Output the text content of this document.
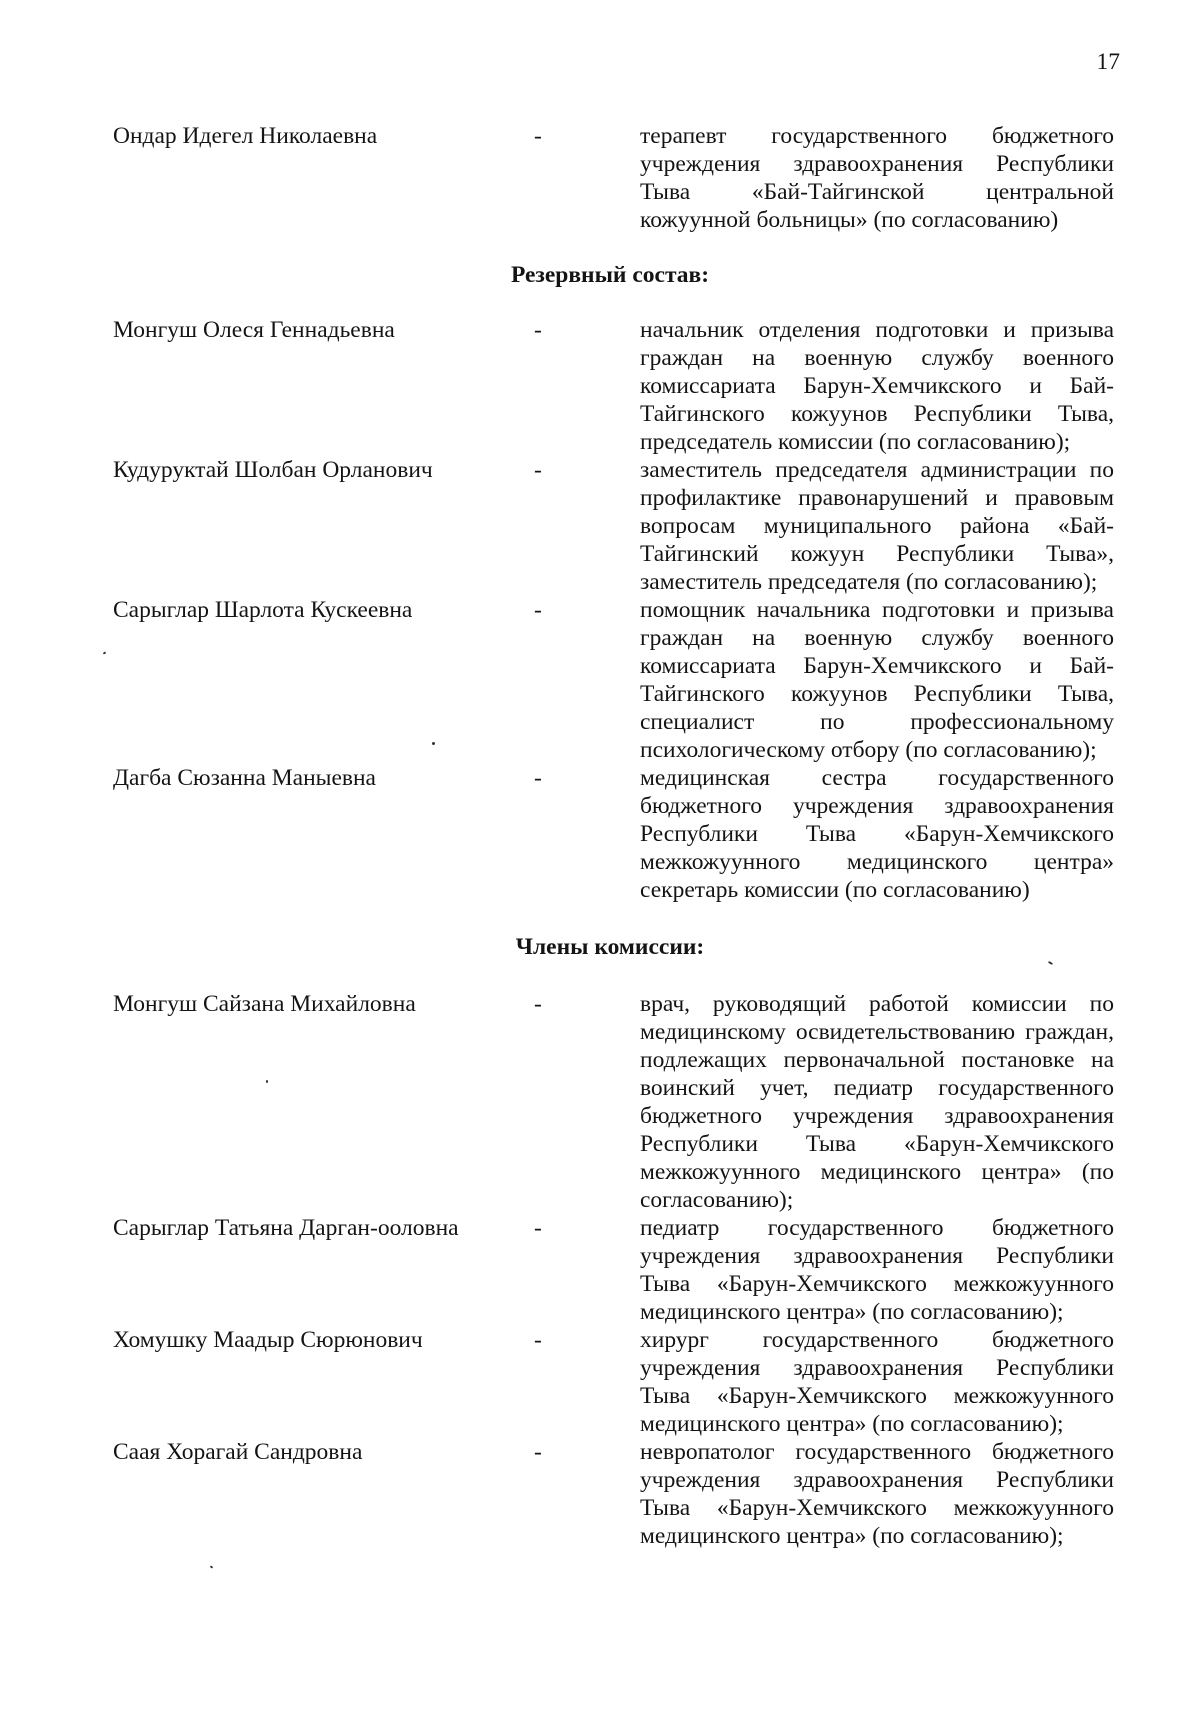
17
Ондар Идегел Николаевна	-	терапевт государственного бюджетного учреждения здравоохранения Республики Тыва «Бай-Тайгинской центральной кожуунной больницы» (по согласованию)
Резервный состав:
Монгуш Олеся Геннадьевна	-	начальник отделения подготовки и призыва граждан на военную службу военного комиссариата Барун-Хемчикского и Бай-Тайгинского кожуунов Республики Тыва, председатель комиссии (по согласованию);
Кудуруктай Шолбан Орланович	-	заместитель председателя администрации по профилактике правонарушений и правовым вопросам муниципального района «Бай-Тайгинский кожуун Республики Тыва», заместитель председателя (по согласованию);
Сарыглар Шарлота Кускеевна	-	помощник начальника подготовки и призыва граждан на военную службу военного комиссариата Барун-Хемчикского и Бай-Тайгинского кожуунов Республики Тыва, специалист по профессиональному психологическому отбору (по согласованию);
Дагба Сюзанна Маныевна	-	медицинская сестра государственного бюджетного учреждения здравоохранения Республики Тыва «Барун-Хемчикского межкожуунного медицинского центра» секретарь комиссии (по согласованию)
Члены комиссии:
Монгуш Сайзана Михайловна	-	врач, руководящий работой комиссии по медицинскому освидетельствованию граждан, подлежащих первоначальной постановке на воинский учет, педиатр государственного бюджетного учреждения здравоохранения Республики Тыва «Барун-Хемчикского межкожуунного медицинского центра» (по согласованию);
Сарыглар Татьяна Дарган-ооловна	-	педиатр государственного бюджетного учреждения здравоохранения Республики Тыва «Барун-Хемчикского межкожуунного медицинского центра» (по согласованию);
Хомушку Маадыр Сюрюнович	-	хирург государственного бюджетного учреждения здравоохранения Республики Тыва «Барун-Хемчикского межкожуунного медицинского центра» (по согласованию);
Саая Хорагай Сандровна	-	невропатолог государственного бюджетного учреждения здравоохранения Республики Тыва «Барун-Хемчикского межкожуунного медицинского центра» (по согласованию);
